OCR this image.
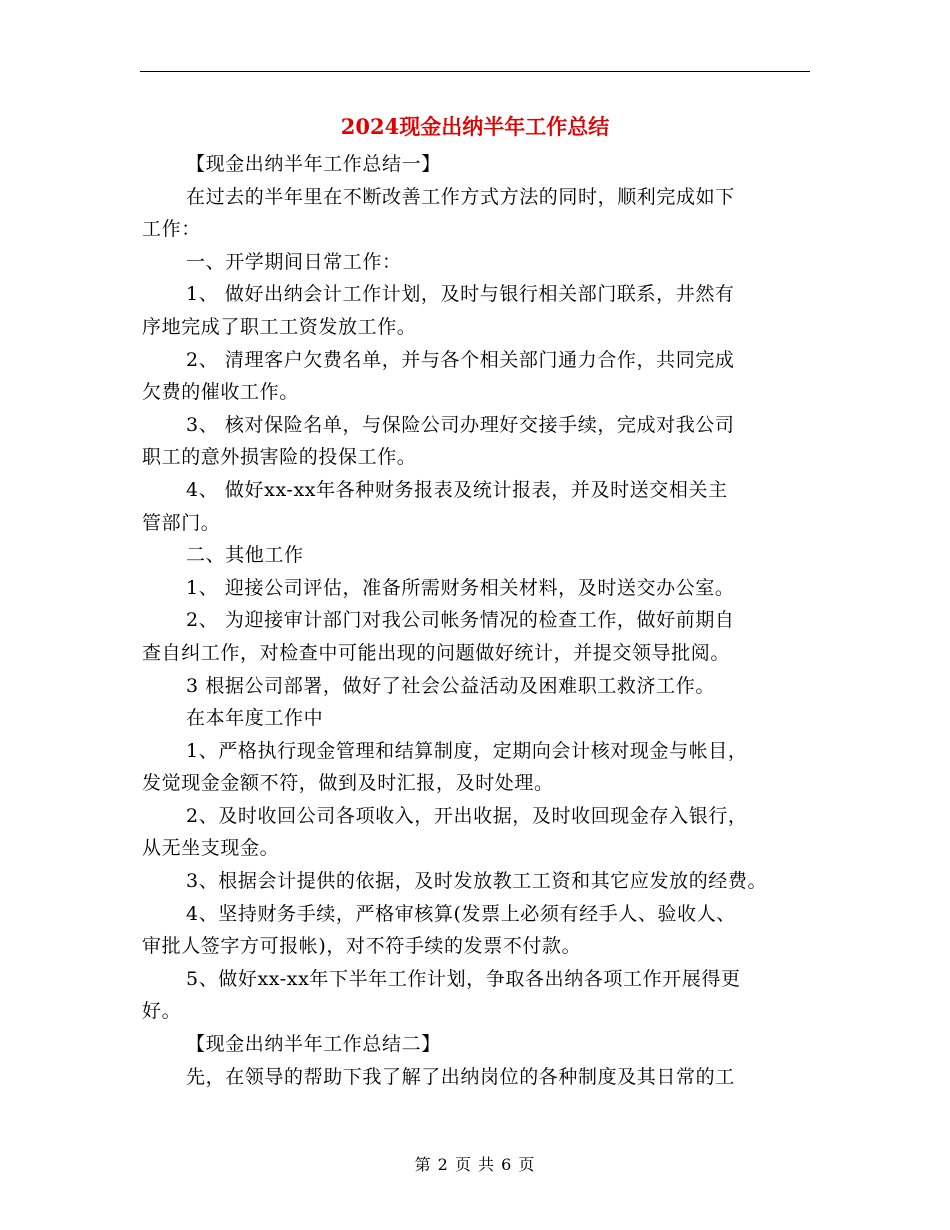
2024现金出纳半年工作总结

【现金出纳半年工作总结一】

在过去的半年里在不断改善工作方式方法的同时，顺利完成如下

工作：

一、开学期间日常工作：

1、 做好出纳会计工作计划，及时与银行相关部门联系，井然有

序地完成了职工工资发放工作。

2、 清理客户欠费名单，并与各个相关部门通力合作，共同完成

欠费的催收工作。

3、 核对保险名单，与保险公司办理好交接手续，完成对我公司

职工的意外损害险的投保工作。

4、 做好xx-xx年各种财务报表及统计报表，并及时送交相关主

管部门。

二、其他工作

1、 迎接公司评估，准备所需财务相关材料，及时送交办公室。

2、 为迎接审计部门对我公司帐务情况的检查工作，做好前期自

查自纠工作，对检查中可能出现的问题做好统计，并提交领导批阅。

3 根据公司部署，做好了社会公益活动及困难职工救济工作。

在本年度工作中

1、严格执行现金管理和结算制度，定期向会计核对现金与帐目，

发觉现金金额不符，做到及时汇报，及时处理。

2、及时收回公司各项收入，开出收据，及时收回现金存入银行，

从无坐支现金。

3、根据会计提供的依据，及时发放教工工资和其它应发放的经费。

4、坚持财务手续，严格审核算(发票上必须有经手人、验收人、

审批人签字方可报帐)，对不符手续的发票不付款。

5、做好xx-xx年下半年工作计划，争取各出纳各项工作开展得更

好。

【现金出纳半年工作总结二】

先，在领导的帮助下我了解了出纳岗位的各种制度及其日常的工

第 2 页 共 6 页
